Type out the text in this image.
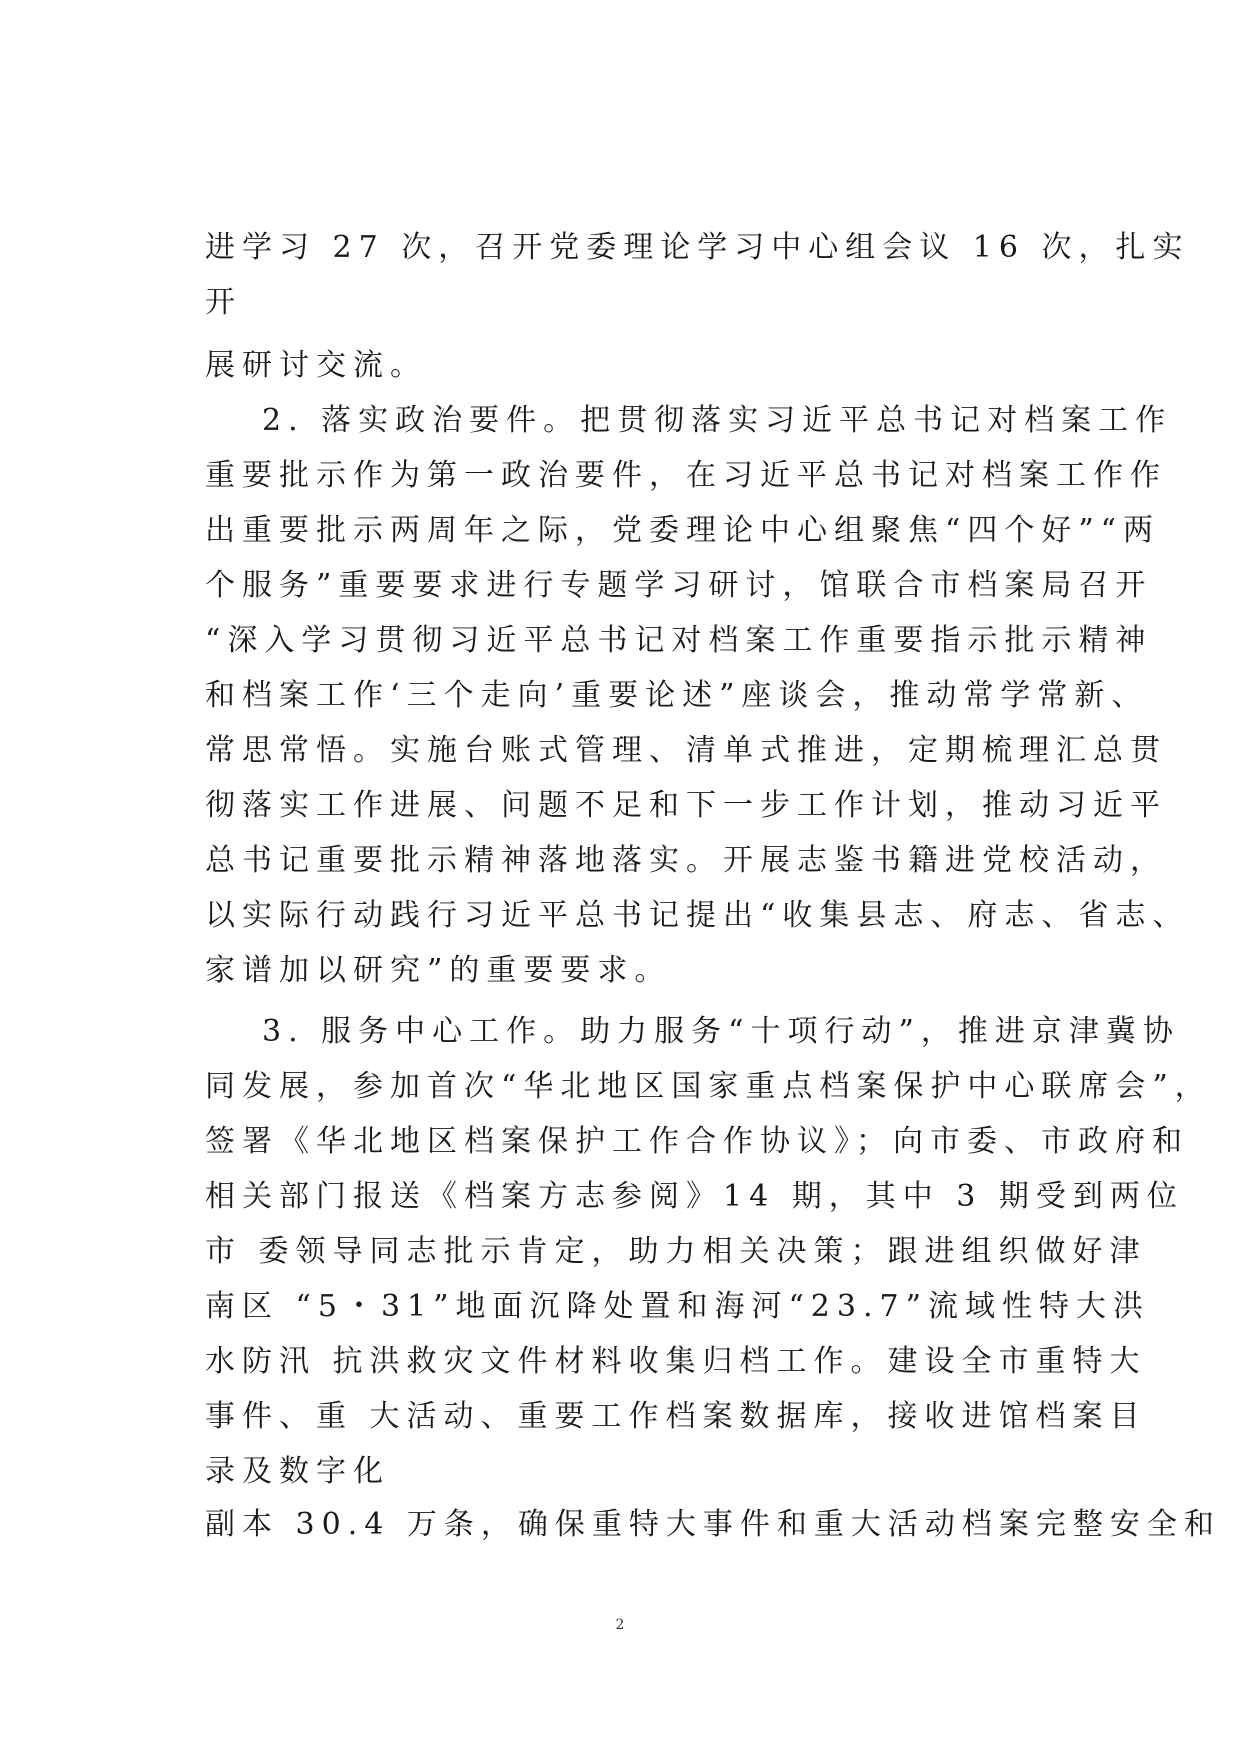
进学习 27 次，召开党委理论学习中心组会议 16 次，扎实
开
展研讨交流。
2. 落实政治要件。把贯彻落实习近平总书记对档案工作
重要批示作为第一政治要件，在习近平总书记对档案工作作
出重要批示两周年之际，党委理论中心组聚焦“四个好”“两
个服务”重要要求进行专题学习研讨，馆联合市档案局召开
“深入学习贯彻习近平总书记对档案工作重要指示批示精神
和档案工作‘三个走向’重要论述”座谈会，推动常学常新、
常思常悟。实施台账式管理、清单式推进，定期梳理汇总贯
彻落实工作进展、问题不足和下一步工作计划，推动习近平
总书记重要批示精神落地落实。开展志鉴书籍进党校活动，
以实际行动践行习近平总书记提出“收集县志、府志、省志、
家谱加以研究”的重要要求。
3. 服务中心工作。助力服务“十项行动”，推进京津冀协
同发展，参加首次“华北地区国家重点档案保护中心联席会”，
签署《华北地区档案保护工作合作协议》；向市委、市政府和
相关部门报送《档案方志参阅》14 期，其中 3 期受到两位
市 委领导同志批示肯定，助力相关决策；跟进组织做好津
南区 “5・31”地面沉降处置和海河“23.7”流域性特大洪
水防汛 抗洪救灾文件材料收集归档工作。建设全市重特大
事件、重 大活动、重要工作档案数据库，接收进馆档案目
录及数字化
副本 30.4 万条，确保重特大事件和重大活动档案完整安全和
2
